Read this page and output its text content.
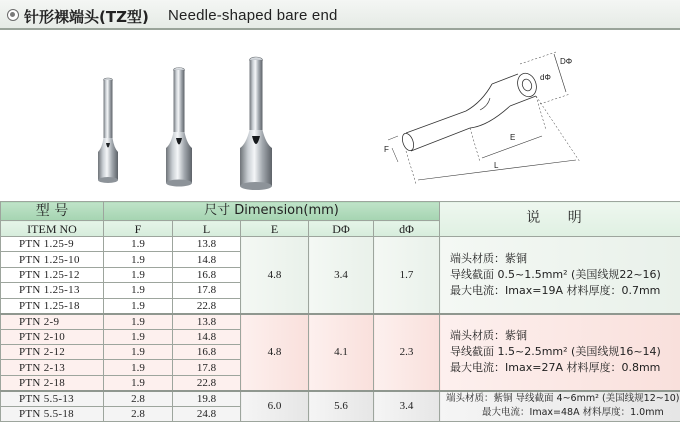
针形裸端头(TZ型) Needle-shaped bare end
DΦ
dΦ
E
F
L
型 号	尺寸 Dimension(mm)					说 明
ITEM NO	F	L	E	DΦ	dΦ	
PTN 1.25-9	1.9	13.8	4.8	3.4	1.7	端头材质：紫铜
导线截面 0.5~1.5mm² (美国线规22~16)
最大电流：Imax=19A 材料厚度：0.7mm

PTN 1.25-10	1.9	14.8				
PTN 1.25-12	1.9	16.8				
PTN 1.25-13	1.9	17.8				
PTN 1.25-18	1.9	22.8				
PTN 2-9	1.9	13.8	4.8	4.1	2.3	端头材质：紫铜
导线截面 1.5~2.5mm² (美国线规16~14)
最大电流：Imax=27A 材料厚度：0.8mm

PTN 2-10	1.9	14.8				
PTN 2-12	1.9	16.8				
PTN 2-13	1.9	17.8				
PTN 2-18	1.9	22.8				
PTN 5.5-13	2.8	19.8	6.0	5.6	3.4	端头材质：紫铜 导线截面 4~6mm² (美国线规12~10)
最大电流：Imax=48A 材料厚度：1.0mm

PTN 5.5-18	2.8	24.8				
